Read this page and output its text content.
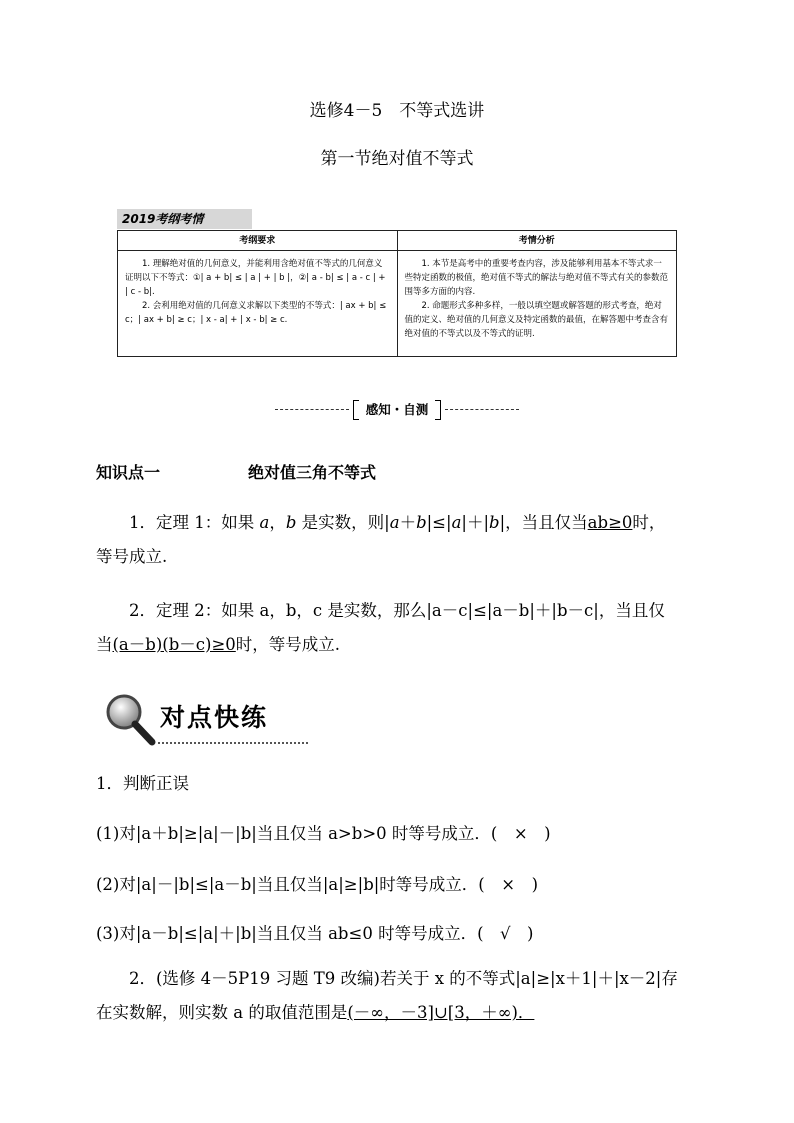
选修4－5　不等式选讲
第一节绝对值不等式
2019考纲考情
考纲要求	考情分析

1. 理解绝对值的几何意义，并能利用含绝对值不等式的几何意义证明以下不等式：①| a + b| ≤ | a | + | b |，②| a - b| ≤ | a - c | + | c - b|.

2. 会利用绝对值的几何意义求解以下类型的不等式：| ax + b| ≤ c；| ax + b| ≥ c；| x - a| + | x - b| ≥ c.

1. 本节是高考中的重要考查内容，涉及能够利用基本不等式求一些特定函数的极值，绝对值不等式的解法与绝对值不等式有关的参数范围等多方面的内容.

2. 命题形式多种多样，一般以填空题或解答题的形式考查，绝对值的定义、绝对值的几何意义及特定函数的最值，在解答题中考查含有绝对值的不等式以及不等式的证明.

感知・自测
知识点一	绝对值三角不等式

1．定理 1：如果 a，b 是实数，则|a＋b|≤|a|＋|b|，当且仅当ab≥0时，

等号成立.

2．定理 2：如果 a，b，c 是实数，那么|a－c|≤|a－b|＋|b－c|，当且仅

当(a－b)(b－c)≥0时，等号成立.

对点快练
1．判断正误
(1)对|a＋b|≥|a|－|b|当且仅当 a>b>0 时等号成立．(　×　)
(2)对|a|－|b|≤|a－b|当且仅当|a|≥|b|时等号成立．(　×　)
(3)对|a－b|≤|a|＋|b|当且仅当 ab≤0 时等号成立．(　√　)

2．(选修 4－5P19 习题 T9 改编)若关于 x 的不等式|a|≥|x＋1|＋|x－2|存

在实数解，则实数 a 的取值范围是(－∞，－3]∪[3，＋∞)．
